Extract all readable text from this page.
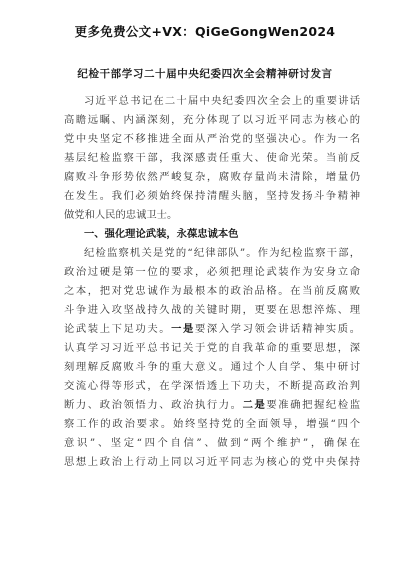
更多免费公文+VX：QiGeGongWen2024
纪检干部学习二十届中央纪委四次全会精神研讨发言
习近平总书记在二十届中央纪委四次全会上的重要讲话
高瞻远瞩、内涵深刻，充分体现了以习近平同志为核心的
党中央坚定不移推进全面从严治党的坚强决心。作为一名
基层纪检监察干部，我深感责任重大、使命光荣。当前反
腐败斗争形势依然严峻复杂，腐败存量尚未清除，增量仍
在发生。我们必须始终保持清醒头脑，坚持发扬斗争精神
做党和人民的忠诚卫士。
一、强化理论武装，永葆忠诚本色
纪检监察机关是党的“纪律部队”。作为纪检监察干部，
政治过硬是第一位的要求，必须把理论武装作为安身立命
之本，把对党忠诚作为最根本的政治品格。在当前反腐败
斗争进入攻坚战持久战的关键时期，更要在思想淬炼、理
论武装上下足功夫。一是要深入学习领会讲话精神实质。
认真学习习近平总书记关于党的自我革命的重要思想，深
刻理解反腐败斗争的重大意义。通过个人自学、集中研讨
交流心得等形式，在学深悟透上下功夫，不断提高政治判
断力、政治领悟力、政治执行力。二是要准确把握纪检监
察工作的政治要求。始终坚持党的全面领导，增强“四个
意识”、坚定“四个自信”、做到“两个维护”，确保在
思想上政治上行动上同以习近平同志为核心的党中央保持
